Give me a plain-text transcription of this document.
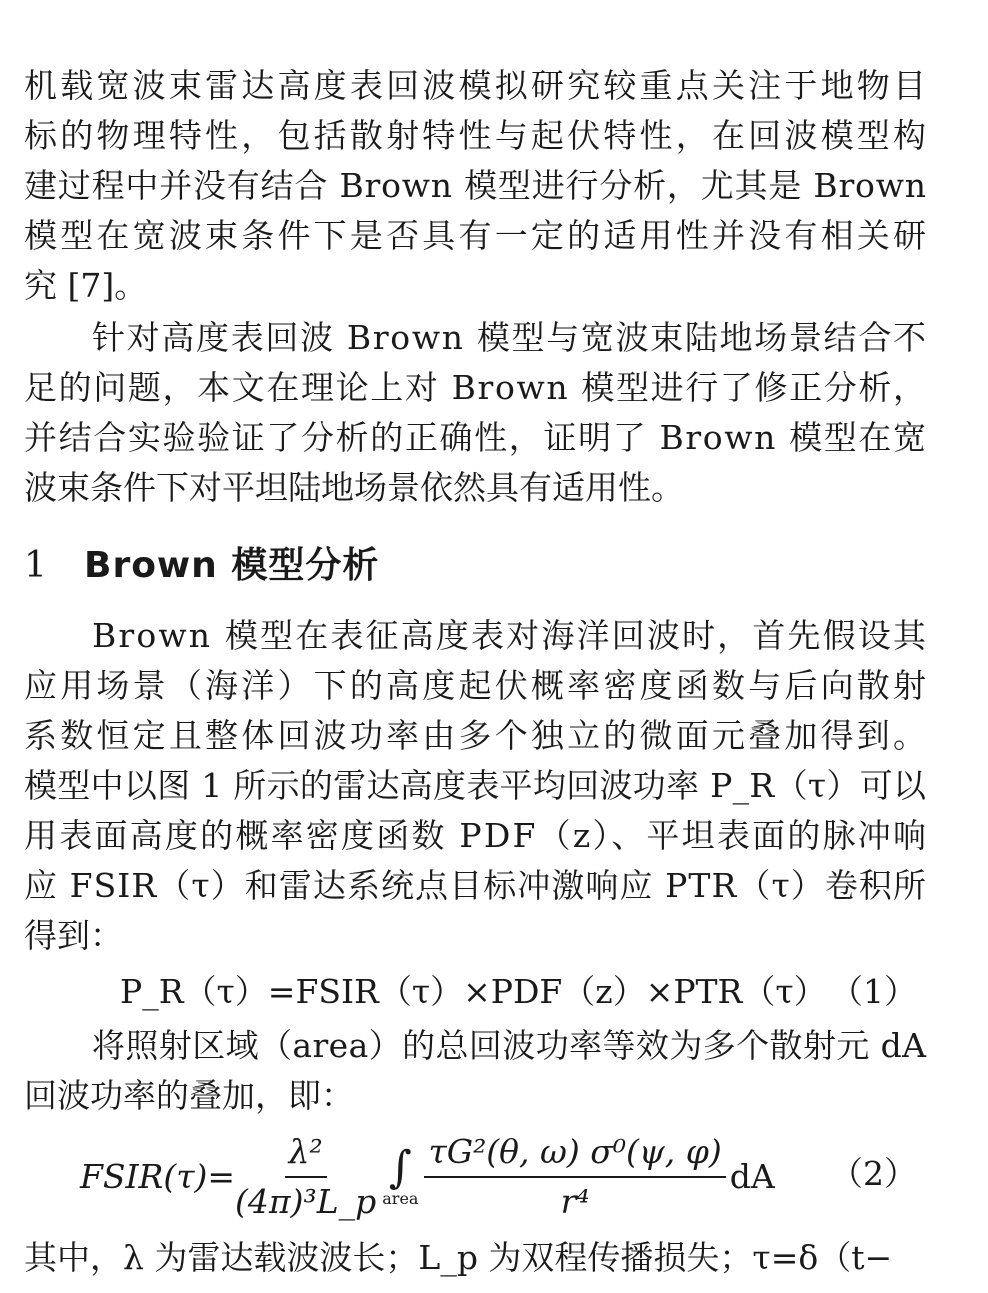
机载宽波束雷达高度表回波模拟研究较重点关注于地物目
标的物理特性，包括散射特性与起伏特性，在回波模型构
建过程中并没有结合 Brown 模型进行分析，尤其是 Brown
模型在宽波束条件下是否具有一定的适用性并没有相关研
究 [7]。
针对高度表回波 Brown 模型与宽波束陆地场景结合不
足的问题，本文在理论上对 Brown 模型进行了修正分析，
并结合实验验证了分析的正确性，证明了 Brown 模型在宽
波束条件下对平坦陆地场景依然具有适用性。
1 Brown 模型分析
Brown 模型在表征高度表对海洋回波时，首先假设其
应用场景（海洋）下的高度起伏概率密度函数与后向散射
系数恒定且整体回波功率由多个独立的微面元叠加得到。
模型中以图 1 所示的雷达高度表平均回波功率 P_R（τ）可以
用表面高度的概率密度函数 PDF（z）、平坦表面的脉冲响
应 FSIR（τ）和雷达系统点目标冲激响应 PTR（τ）卷积所
得到：
P_R（τ）=FSIR（τ）×PDF（z）×PTR（τ） （1）
将照射区域（area）的总回波功率等效为多个散射元 dA
回波功率的叠加，即：
FSIR(τ)= $\frac{\text{λ²}}{\text{(4π)³L\_p}}$ ∫
area $\frac{\text{τG²(θ, ω) σ⁰(ψ, φ)}}{\text{r⁴}}$ dA （2）
其中，λ 为雷达载波波长；L_p 为双程传播损失；τ=δ（t−
